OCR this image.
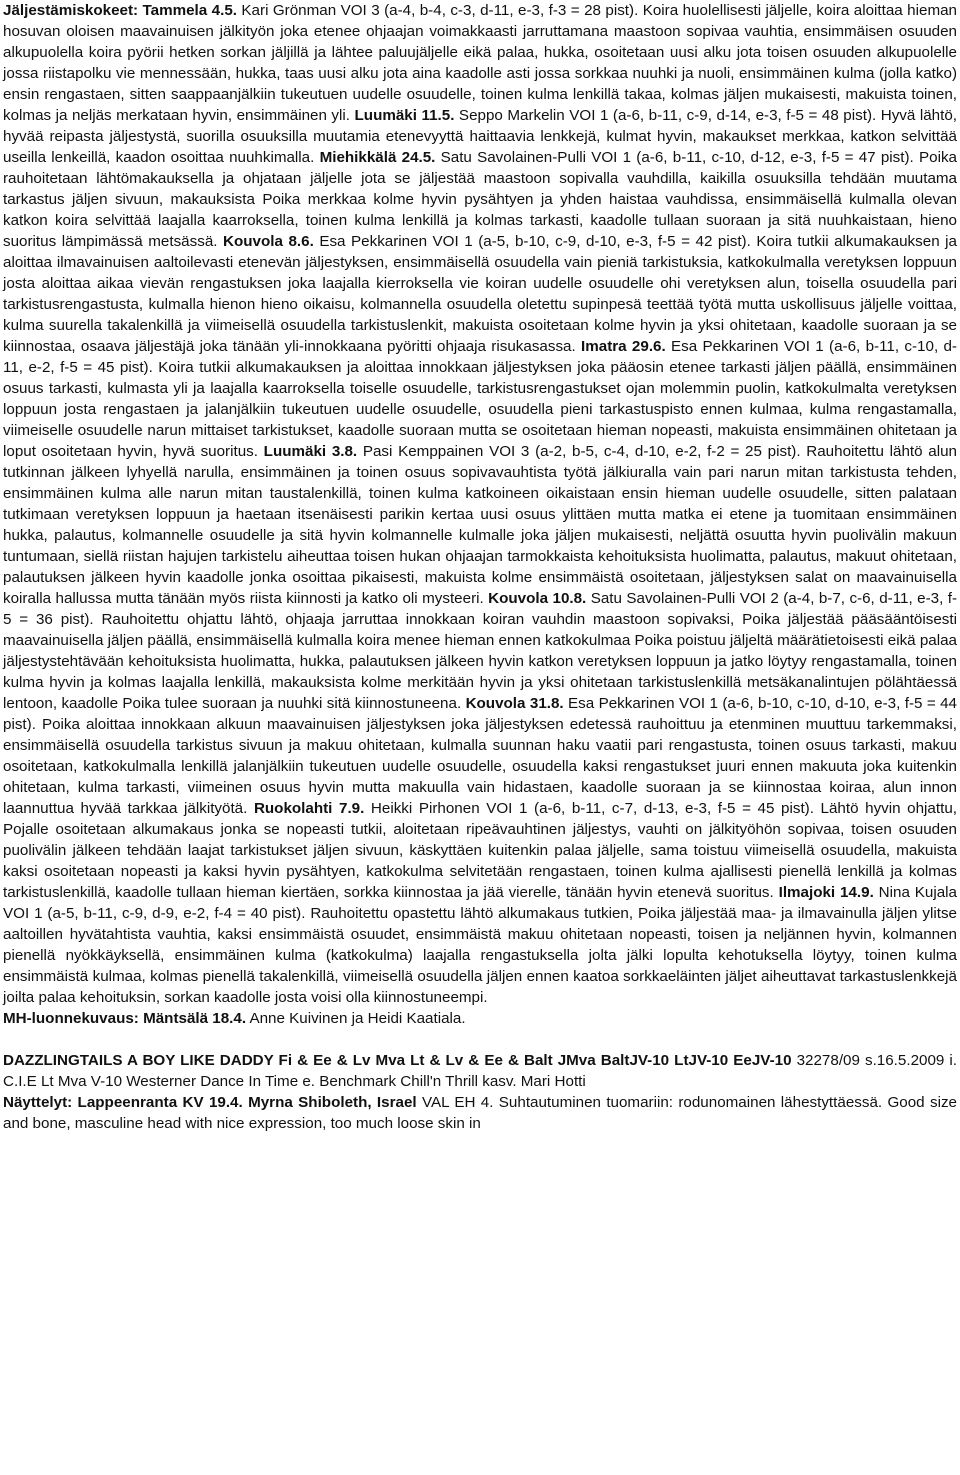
Jäljestämiskokeet: Tammela 4.5. Kari Grönman VOI 3 (a-4, b-4, c-3, d-11, e-3, f-3 = 28 pist). Koira huolellisesti jäljelle, koira aloittaa hieman hosuvan oloisen maavainuisen jälkityön joka etenee ohjaajan voimakkaasti jarruttamana maastoon sopivaa vauhtia, ensimmäisen osuuden alkupuolella koira pyörii hetken sorkan jäljillä ja lähtee paluujäljelle eikä palaa, hukka, osoitetaan uusi alku jota toisen osuuden alkupuolelle jossa riistapolku vie mennessään, hukka, taas uusi alku jota aina kaadolle asti jossa sorkkaa nuuhki ja nuoli, ensimmäinen kulma (jolla katko) ensin rengastaen, sitten saappaanjälkiin tukeutuen uudelle osuudelle, toinen kulma lenkillä takaa, kolmas jäljen mukaisesti, makuista toinen, kolmas ja neljäs merkataan hyvin, ensimmäinen yli. Luumäki 11.5. Seppo Markelin VOI 1 (a-6, b-11, c-9, d-14, e-3, f-5 = 48 pist). Hyvä lähtö, hyvää reipasta jäljestystä, suorilla osuuksilla muutamia etenevyyttä haittaavia lenkkejä, kulmat hyvin, makaukset merkkaa, katkon selvittää useilla lenkeillä, kaadon osoittaa nuuhkimalla. Miehikkälä 24.5. Satu Savolainen-Pulli VOI 1 (a-6, b-11, c-10, d-12, e-3, f-5 = 47 pist). Poika rauhoitetaan lähtömakauksella ja ohjataan jäljelle jota se jäljestää maastoon sopivalla vauhdilla, kaikilla osuuksilla tehdään muutama tarkastus jäljen sivuun, makauksista Poika merkkaa kolme hyvin pysähtyen ja yhden haistaa vauhdissa, ensimmäisellä kulmalla olevan katkon koira selvittää laajalla kaarroksella, toinen kulma lenkillä ja kolmas tarkasti, kaadolle tullaan suoraan ja sitä nuuhkaistaan, hieno suoritus lämpimässä metsässä. Kouvola 8.6. Esa Pekkarinen VOI 1 (a-5, b-10, c-9, d-10, e-3, f-5 = 42 pist). Koira tutkii alkumakauksen ja aloittaa ilmavainuisen aaltoilevasti etenevän jäljestyksen, ensimmäisellä osuudella vain pieniä tarkistuksia, katkokulmalla veretyksen loppuun josta aloittaa aikaa vievän rengastuksen joka laajalla kierroksella vie koiran uudelle osuudelle ohi veretyksen alun, toisella osuudella pari tarkistusrengastusta, kulmalla hienon hieno oikaisu, kolmannella osuudella oletettu supinpesä teettää työtä mutta uskollisuus jäljelle voittaa, kulma suurella takalenkillä ja viimeisellä osuudella tarkistuslenkit, makuista osoitetaan kolme hyvin ja yksi ohitetaan, kaadolle suoraan ja se kiinnostaa, osaava jäljestäjä joka tänään yli-innokkaana pyöritti ohjaaja risukasassa. Imatra 29.6. Esa Pekkarinen VOI 1 (a-6, b-11, c-10, d-11, e-2, f-5 = 45 pist). Koira tutkii alkumakauksen ja aloittaa innokkaan jäljestyksen joka pääosin etenee tarkasti jäljen päällä, ensimmäinen osuus tarkasti, kulmasta yli ja laajalla kaarroksella toiselle osuudelle, tarkistusrengastukset ojan molemmin puolin, katkokulmalta veretyksen loppuun josta rengastaen ja jalanjälkiin tukeutuen uudelle osuudelle, osuudella pieni tarkastuspisto ennen kulmaa, kulma rengastamalla, viimeiselle osuudelle narun mittaiset tarkistukset, kaadolle suoraan mutta se osoitetaan hieman nopeasti, makuista ensimmäinen ohitetaan ja loput osoitetaan hyvin, hyvä suoritus. Luumäki 3.8. Pasi Kemppainen VOI 3 (a-2, b-5, c-4, d-10, e-2, f-2 = 25 pist). Rauhoitettu lähtö alun tutkinnan jälkeen lyhyellä narulla, ensimmäinen ja toinen osuus sopivavauhtista työtä jälkiuralla vain pari narun mitan tarkistusta tehden, ensimmäinen kulma alle narun mitan taustalenkillä, toinen kulma katkoineen oikaistaan ensin hieman uudelle osuudelle, sitten palataan tutkimaan veretyksen loppuun ja haetaan itsenäisesti parikin kertaa uusi osuus ylittäen mutta matka ei etene ja tuomitaan ensimmäinen hukka, palautus, kolmannelle osuudelle ja sitä hyvin kolmannelle kulmalle joka jäljen mukaisesti, neljättä osuutta hyvin puolivälin makuun tuntumaan, siellä riistan hajujen tarkistelu aiheuttaa toisen hukan ohjaajan tarmokkaista kehoituksista huolimatta, palautus, makuut ohitetaan, palautuksen jälkeen hyvin kaadolle jonka osoittaa pikaisesti, makuista kolme ensimmäistä osoitetaan, jäljestyksen salat on maavainuisella koiralla hallussa mutta tänään myös riista kiinnosti ja katko oli mysteeri. Kouvola 10.8. Satu Savolainen-Pulli VOI 2 (a-4, b-7, c-6, d-11, e-3, f-5 = 36 pist). Rauhoitettu ohjattu lähtö, ohjaaja jarruttaa innokkaan koiran vauhdin maastoon sopivaksi, Poika jäljestää pääsääntöisesti maavainuisella jäljen päällä, ensimmäisellä kulmalla koira menee hieman ennen katkokulmaa Poika poistuu jäljeltä määrätietoisesti eikä palaa jäljestystehtävään kehoituksista huolimatta, hukka, palautuksen jälkeen hyvin katkon veretyksen loppuun ja jatko löytyy rengastamalla, toinen kulma hyvin ja kolmas laajalla lenkillä, makauksista kolme merkitään hyvin ja yksi ohitetaan tarkistuslenkillä metsäkanalintujen pölähtäessä lentoon, kaadolle Poika tulee suoraan ja nuuhki sitä kiinnostuneena. Kouvola 31.8. Esa Pekkarinen VOI 1 (a-6, b-10, c-10, d-10, e-3, f-5 = 44 pist). Poika aloittaa innokkaan alkuun maavainuisen jäljestyksen joka jäljestyksen edetessä rauhoittuu ja etenminen muuttuu tarkemmaksi, ensimmäisellä osuudella tarkistus sivuun ja makuu ohitetaan, kulmalla suunnan haku vaatii pari rengastusta, toinen osuus tarkasti, makuu osoitetaan, katkokulmalla lenkillä jalanjälkiin tukeutuen uudelle osuudelle, osuudella kaksi rengastukset juuri ennen makuuta joka kuitenkin ohitetaan, kulma tarkasti, viimeinen osuus hyvin mutta makuulla vain hidastaen, kaadolle suoraan ja se kiinnostaa koiraa, alun innon laannuttua hyvää tarkkaa jälkityötä. Ruokolahti 7.9. Heikki Pirhonen VOI 1 (a-6, b-11, c-7, d-13, e-3, f-5 = 45 pist). Lähtö hyvin ohjattu, Pojalle osoitetaan alkumakaus jonka se nopeasti tutkii, aloitetaan ripeävauhtinen jäljestys, vauhti on jälkityöhön sopivaa, toisen osuuden puolivälin jälkeen tehdään laajat tarkistukset jäljen sivuun, käskyttäen kuitenkin palaa jäljelle, sama toistuu viimeisellä osuudella, makuista kaksi osoitetaan nopeasti ja kaksi hyvin pysähtyen, katkokulma selvitetään rengastaen, toinen kulma ajallisesti pienellä lenkillä ja kolmas tarkistuslenkillä, kaadolle tullaan hieman kiertäen, sorkka kiinnostaa ja jää vierelle, tänään hyvin etenevä suoritus. Ilmajoki 14.9. Nina Kujala VOI 1 (a-5, b-11, c-9, d-9, e-2, f-4 = 40 pist). Rauhoitettu opastettu lähtö alkumakaus tutkien, Poika jäljestää maa- ja ilmavainulla jäljen ylitse aaltoillen hyvätahtista vauhtia, kaksi ensimmäistä osuudet, ensimmäistä makuu ohitetaan nopeasti, toisen ja neljännen hyvin, kolmannen pienellä nyökkäyksellä, ensimmäinen kulma (katkokulma) laajalla rengastuksella jolta jälki lopulta kehotuksella löytyy, toinen kulma ensimmäistä kulmaa, kolmas pienellä takalenkillä, viimeisellä osuudella jäljen ennen kaatoa sorkkaeläinten jäljet aiheuttavat tarkastuslenkkejä joilta palaa kehoituksin, sorkan kaadolle josta voisi olla kiinnostuneempi.

MH-luonnekuvaus: Mäntsälä 18.4. Anne Kuivinen ja Heidi Kaatiala.

DAZZLINGTAILS A BOY LIKE DADDY Fi & Ee & Lv Mva Lt & Lv & Ee & Balt JMva BaltJV-10 LtJV-10 EeJV-10 32278/09 s.16.5.2009 i. C.I.E Lt Mva V-10 Westerner Dance In Time e. Benchmark Chill'n Thrill kasv. Mari Hotti

Näyttelyt: Lappeenranta KV 19.4. Myrna Shiboleth, Israel VAL EH 4. Suhtautuminen tuomariin: rodunomainen lähestyttäessä. Good size and bone, masculine head with nice expression, too much loose skin in
